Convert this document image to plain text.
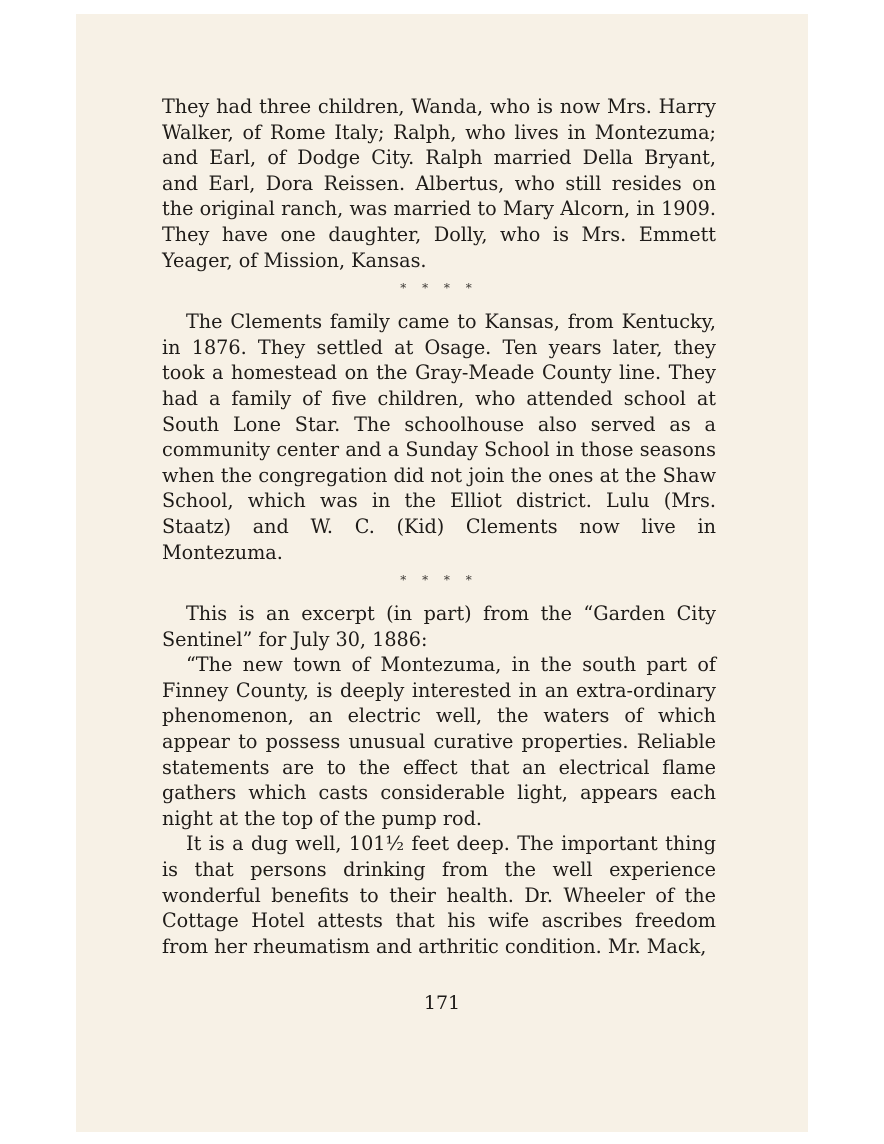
They had three children, Wanda, who is now Mrs. Harry Walker, of Rome Italy; Ralph, who lives in Montezuma; and Earl, of Dodge City. Ralph married Della Bryant, and Earl, Dora Reissen. Albertus, who still resides on the original ranch, was married to Mary Alcorn, in 1909. They have one daughter, Dolly, who is Mrs. Emmett Yeager, of Mission, Kansas.

* * * *

The Clements family came to Kansas, from Kentucky, in 1876. They settled at Osage. Ten years later, they took a homestead on the Gray-Meade County line. They had a family of five children, who attended school at South Lone Star. The schoolhouse also served as a community center and a Sunday School in those seasons when the congregation did not join the ones at the Shaw School, which was in the Elliot district. Lulu (Mrs. Staatz) and W. C. (Kid) Clements now live in Montezuma.

* * * *

This is an excerpt (in part) from the “Garden City Sentinel” for July 30, 1886:

“The new town of Montezuma, in the south part of Finney County, is deeply interested in an extra-ordinary phenomenon, an electric well, the waters of which appear to possess unusual curative properties. Reliable statements are to the effect that an electrical flame gathers which casts considerable light, appears each night at the top of the pump rod.

It is a dug well, 101½ feet deep. The important thing is that persons drinking from the well experience wonderful benefits to their health. Dr. Wheeler of the Cottage Hotel attests that his wife ascribes freedom from her rheumatism and arthritic condition. Mr. Mack,

171
